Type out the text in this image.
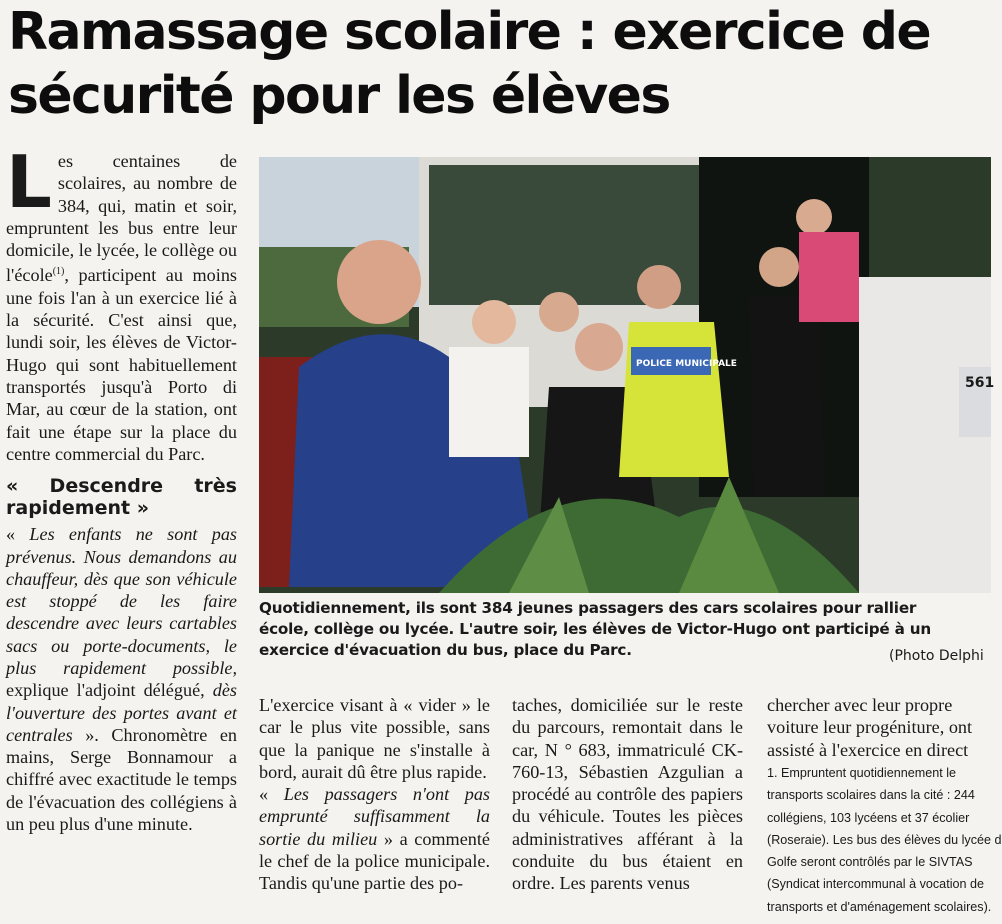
Ramassage scolaire : exercice de sécurité pour les élèves

Les centaines de scolaires, au nombre de 384, qui, matin et soir, empruntent les bus entre leur domicile, le lycée, le collège ou l'école$^{(1)}$, participent au moins une fois l'an à un exercice lié à la sécurité. C'est ainsi que, lundi soir, les élèves de Victor-Hugo qui sont habituellement transportés jusqu'à Porto di Mar, au cœur de la station, ont fait une étape sur la place du centre commercial du Parc.

« Descendre très rapidement »

« Les enfants ne sont pas prévenus. Nous demandons au chauffeur, dès que son véhicule est stoppé de les faire descendre avec leurs cartables sacs ou porte-documents, le plus rapidement possible, explique l'adjoint délégué, dès l'ouverture des portes avant et centrales ». Chronomètre en mains, Serge Bonnamour a chiffré avec exactitude le temps de l'évacuation des collégiens à un peu plus d'une minute.

561
POLICE MUNICIPALE
Quotidiennement, ils sont 384 jeunes passagers des cars scolaires pour rallier
école, collège ou lycée. L'autre soir, les élèves de Victor-Hugo ont participé à un
exercice d'évacuation du bus, place du Parc.	(Photo Delphi

L'exercice visant à « vider » le car le plus vite possible, sans que la panique ne s'installe à bord, aurait dû être plus rapide.
« Les passagers n'ont pas emprunté suffisamment la sortie du milieu » a commenté le chef de la police municipale. Tandis qu'une partie des po-

taches, domiciliée sur le reste du parcours, remontait dans le car, N ° 683, immatriculé CK-760-13, Sébastien Azgulian a procédé au contrôle des papiers du véhicule. Toutes les pièces administratives afférant à la conduite du bus étaient en ordre. Les parents venus

chercher avec leur propre
voiture leur progéniture, ont
assisté à l'exercice en direct
1. Empruntent quotidiennement le
transports scolaires dans la cité : 244
collégiens, 103 lycéens et 37 écolier
(Roseraie). Les bus des élèves du lycée d
Golfe seront contrôlés par le SIVTAS
(Syndicat intercommunal à vocation de
transports et d'aménagement scolaires).
